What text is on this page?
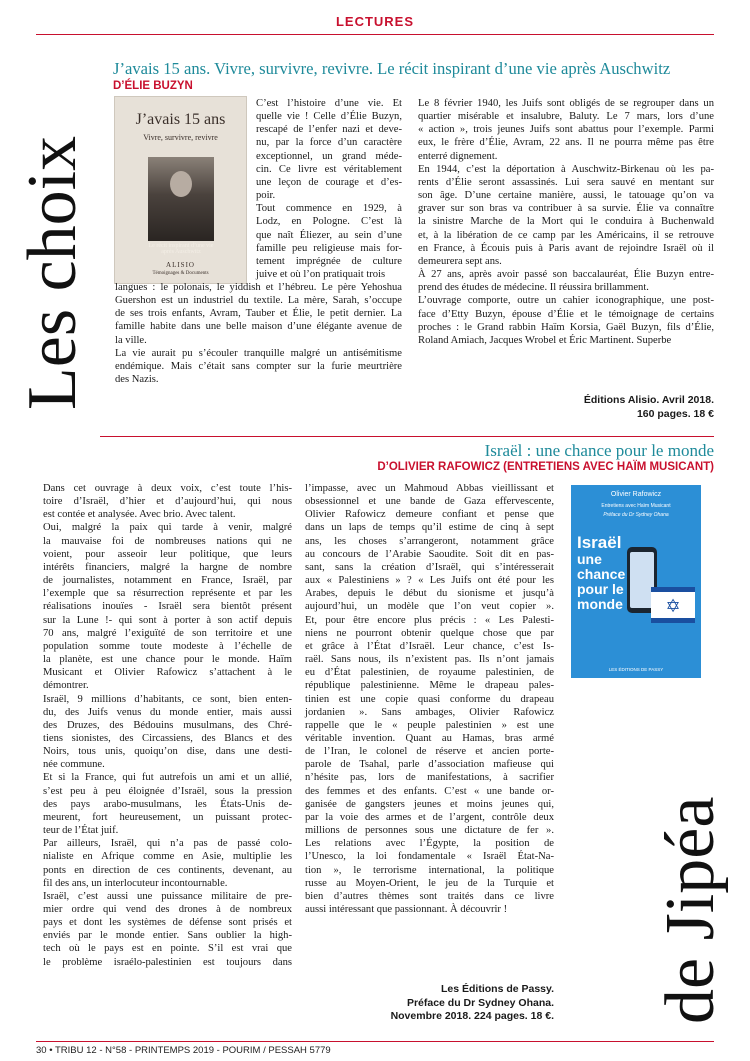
LECTURES
Les choix
de Jipéa
J’avais 15 ans. Vivre, survivre, revivre. Le récit inspirant d’une vie après Auschwitz
D’ÉLIE BUZYN
J’avais 15 ans
Vivre, survivre, revivre
Le récit inspirant d’une vie après Auschwitz
ALISIO
Témoignages & Documents

C’est l’histoire d’une vie. Et

quelle vie ! Celle d’Élie Buzyn,

rescapé de l’enfer nazi et deve-

nu, par la force d’un caractère

exceptionnel, un grand méde-

cin. Ce livre est véritablement

une leçon de courage et d’es-

poir.

Tout commence en 1929, à

Lodz, en Pologne. C’est là

que naît Éliezer, au sein d’une

famille peu religieuse mais for-

tement imprégnée de culture

juive et où l’on pratiquait trois

langues : le polonais, le yiddish et l’hébreu. Le père Yehoshua

Guershon est un industriel du textile. La mère, Sarah, s’occupe

de ses trois enfants, Avram, Tauber et Élie, le petit dernier. La

famille habite dans une belle maison d’une élégante avenue de

la ville.

La vie aurait pu s’écouler tranquille malgré un antisémitisme

endémique. Mais c’était sans compter sur la furie meurtrière

des Nazis.

Le 8 février 1940, les Juifs sont obligés de se regrouper dans un

quartier misérable et insalubre, Baluty. Le 7 mars, lors d’une

« action », trois jeunes Juifs sont abattus pour l’exemple. Parmi

eux, le frère d’Élie, Avram, 22 ans. Il ne pourra même pas être

enterré dignement.

En 1944, c’est la déportation à Auschwitz-Birkenau où les pa-

rents d’Élie seront assassinés. Lui sera sauvé en mentant sur

son âge. D’une certaine manière, aussi, le tatouage qu’on va

graver sur son bras va contribuer à sa survie. Élie va connaître

la sinistre Marche de la Mort qui le conduira à Buchenwald

et, à la libération de ce camp par les Américains, il se retrouve

en France, à Écouis puis à Paris avant de rejoindre Israël où il

demeurera sept ans.

À 27 ans, après avoir passé son baccalauréat, Élie Buzyn entre-

prend des études de médecine. Il réussira brillamment.

L’ouvrage comporte, outre un cahier iconographique, une post-

face d’Etty Buzyn, épouse d’Élie et le témoignage de certains

proches : le Grand rabbin Haïm Korsia, Gaël Buzyn, fils d’Élie,

Roland Amiach, Jacques Wrobel et Éric Martinent. Superbe

Éditions Alisio. Avril 2018.
160 pages. 18 €
Israël : une chance pour le monde
D’OLIVIER RAFOWICZ (ENTRETIENS AVEC HAÏM MUSICANT)

Dans cet ouvrage à deux voix, c’est toute l’his-

toire d’Israël, d’hier et d’aujourd’hui, qui nous

est contée et analysée. Avec brio. Avec talent.

Oui, malgré la paix qui tarde à venir, malgré

la mauvaise foi de nombreuses nations qui ne

voient, pour asseoir leur politique, que leurs

intérêts financiers, malgré la hargne de nombre

de journalistes, notamment en France, Israël, par

l’exemple que sa résurrection représente et par les

réalisations inouïes - Israël sera bientôt présent

sur la Lune !- qui sont à porter à son actif depuis

70 ans, malgré l’exiguïté de son territoire et une

population somme toute modeste à l’échelle de

la planète, est une chance pour le monde. Haïm

Musicant et Olivier Rafowicz s’attachent à le

démontrer.

Israël, 9 millions d’habitants, ce sont, bien enten-

du, des Juifs venus du monde entier, mais aussi

des Druzes, des Bédouins musulmans, des Chré-

tiens sionistes, des Circassiens, des Blancs et des

Noirs, tous unis, quoiqu’on dise, dans une desti-

née commune.

Et si la France, qui fut autrefois un ami et un allié,

s’est peu à peu éloignée d’Israël, sous la pression

des pays arabo-musulmans, les États-Unis de-

meurent, fort heureusement, un puissant protec-

teur de l’État juif.

Par ailleurs, Israël, qui n’a pas de passé colo-

nialiste en Afrique comme en Asie, multiplie les

ponts en direction de ces continents, devenant, au

fil des ans, un interlocuteur incontournable.

Israël, c’est aussi une puissance militaire de pre-

mier ordre qui vend des drones à de nombreux

pays et dont les systèmes de défense sont prisés et

enviés par le monde entier. Sans oublier la high-

tech où le pays est en pointe. S’il est vrai que

le problème israélo-palestinien est toujours dans

l’impasse, avec un Mahmoud Abbas vieillissant et

obsessionnel et une bande de Gaza effervescente,

Olivier Rafowicz demeure confiant et pense que

dans un laps de temps qu’il estime de cinq à sept

ans, les choses s’arrangeront, notamment grâce

au concours de l’Arabie Saoudite. Soit dit en pas-

sant, sans la création d’Israël, qui s’intéresserait

aux « Palestiniens » ? « Les Juifs ont été pour les

Arabes, depuis le début du sionisme et jusqu’à

aujourd’hui, un modèle que l’on veut copier ».

Et, pour être encore plus précis : « Les Palesti-

niens ne pourront obtenir quelque chose que par

et grâce à l’État d’Israël. Leur chance, c’est Is-

raël. Sans nous, ils n’existent pas. Ils n’ont jamais

eu d’État palestinien, de royaume palestinien, de

république palestinienne. Même le drapeau pales-

tinien est une copie quasi conforme du drapeau

jordanien ». Sans ambages, Olivier Rafowicz

rappelle que le « peuple palestinien » est une

véritable invention. Quant au Hamas, bras armé

de l’Iran, le colonel de réserve et ancien porte-

parole de Tsahal, parle d’association mafieuse qui

n’hésite pas, lors de manifestations, à sacrifier

des femmes et des enfants. C’est « une bande or-

ganisée de gangsters jeunes et moins jeunes qui,

par la voie des armes et de l’argent, contrôle deux

millions de personnes sous une dictature de fer ».

Les relations avec l’Égypte, la position de

l’Unesco, la loi fondamentale « Israël État-Na-

tion », le terrorisme international, la politique

russe au Moyen-Orient, le jeu de la Turquie et

bien d’autres thèmes sont traités dans ce livre

aussi intéressant que passionnant. À découvrir !

Olivier Rafowicz
Entretiens avec Haïm Musicant
Préface du Dr Sydney Ohana
Israël
une
chance
pour le
monde	✡
LES ÉDITIONS DE PASSY
Les Éditions de Passy.
Préface du Dr Sydney Ohana.
Novembre 2018. 224 pages. 18 €.
30 • TRIBU 12 - N°58 - PRINTEMPS 2019 - POURIM / PESSAH 5779
